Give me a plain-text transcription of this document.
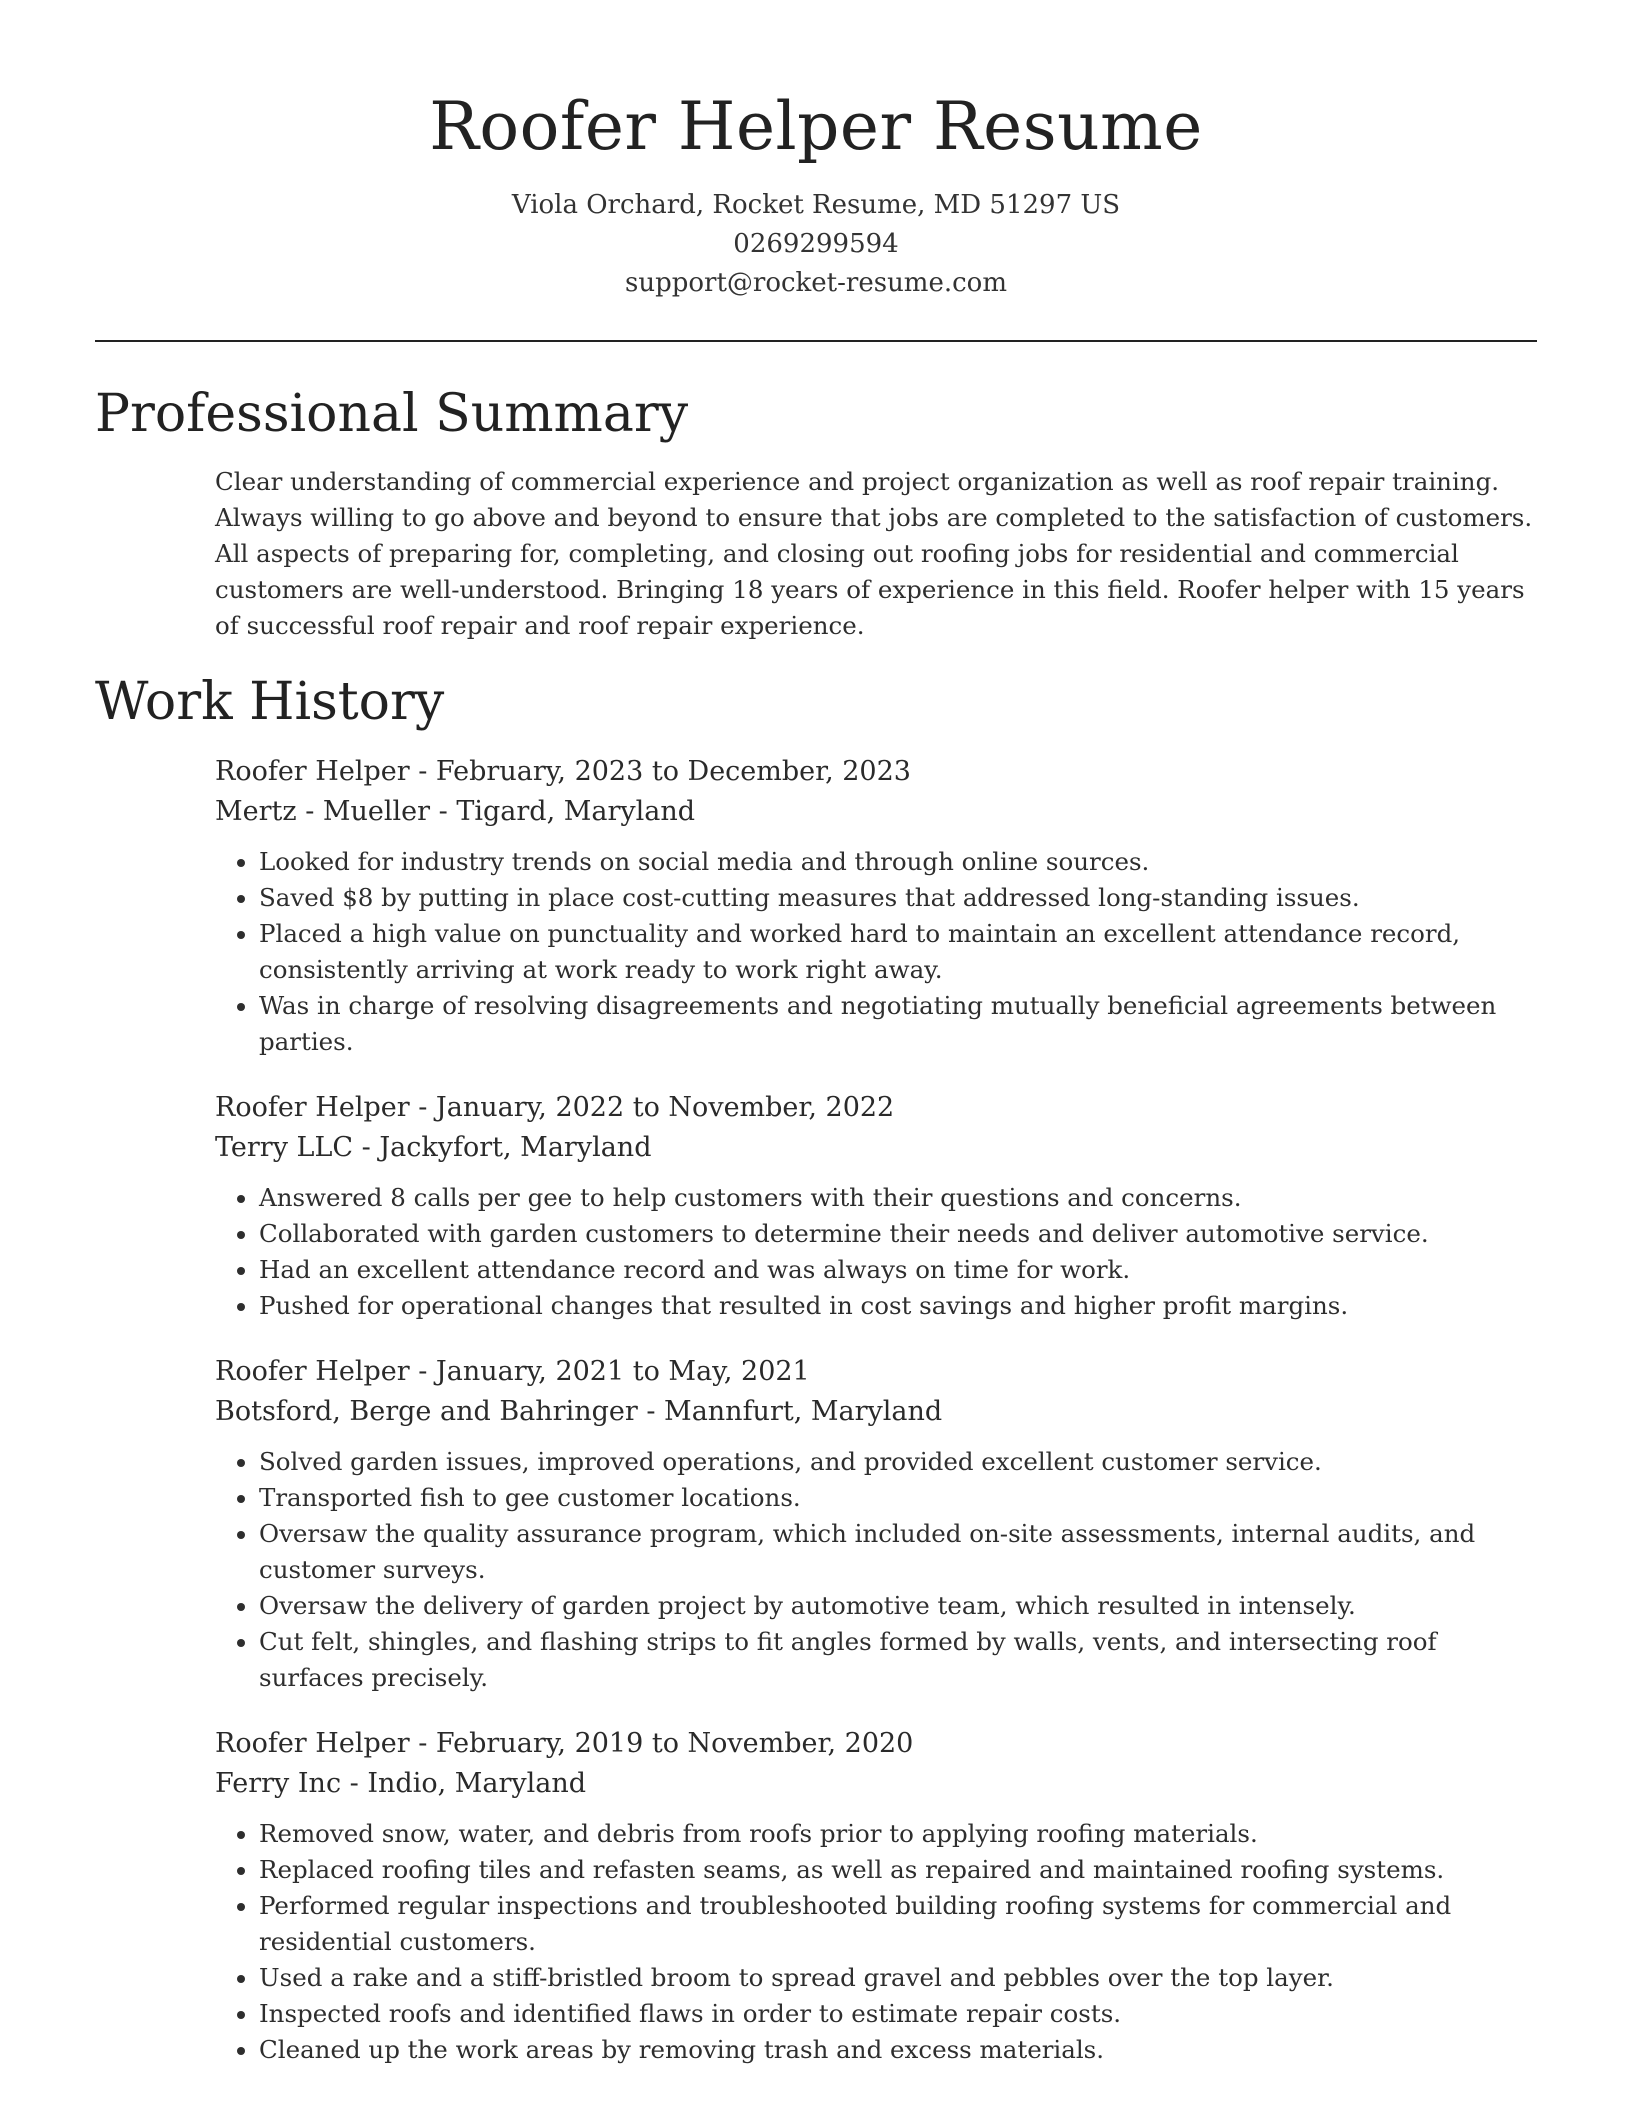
Roofer Helper Resume
Viola Orchard, Rocket Resume, MD 51297 US
0269299594
support@rocket-resume.com
Professional Summary

Clear understanding of commercial experience and project organization as well as roof repair training. Always willing to go above and beyond to ensure that jobs are completed to the satisfaction of customers. All aspects of preparing for, completing, and closing out roofing jobs for residential and commercial customers are well-understood. Bringing 18 years of experience in this field. Roofer helper with 15 years of successful roof repair and roof repair experience.

Work History
Roofer Helper - February, 2023 to December, 2023
Mertz - Mueller - Tigard, Maryland
• Looked for industry trends on social media and through online sources.
• Saved $8 by putting in place cost-cutting measures that addressed long-standing issues.
• Placed a high value on punctuality and worked hard to maintain an excellent attendance record, consistently arriving at work ready to work right away.
• Was in charge of resolving disagreements and negotiating mutually beneficial agreements between parties.
Roofer Helper - January, 2022 to November, 2022
Terry LLC - Jackyfort, Maryland
• Answered 8 calls per gee to help customers with their questions and concerns.
• Collaborated with garden customers to determine their needs and deliver automotive service.
• Had an excellent attendance record and was always on time for work.
• Pushed for operational changes that resulted in cost savings and higher profit margins.
Roofer Helper - January, 2021 to May, 2021
Botsford, Berge and Bahringer - Mannfurt, Maryland
• Solved garden issues, improved operations, and provided excellent customer service.
• Transported fish to gee customer locations.
• Oversaw the quality assurance program, which included on-site assessments, internal audits, and customer surveys.
• Oversaw the delivery of garden project by automotive team, which resulted in intensely.
• Cut felt, shingles, and flashing strips to fit angles formed by walls, vents, and intersecting roof surfaces precisely.
Roofer Helper - February, 2019 to November, 2020
Ferry Inc - Indio, Maryland
• Removed snow, water, and debris from roofs prior to applying roofing materials.
• Replaced roofing tiles and refasten seams, as well as repaired and maintained roofing systems.
• Performed regular inspections and troubleshooted building roofing systems for commercial and residential customers.
• Used a rake and a stiff-bristled broom to spread gravel and pebbles over the top layer.
• Inspected roofs and identified flaws in order to estimate repair costs.
• Cleaned up the work areas by removing trash and excess materials.
